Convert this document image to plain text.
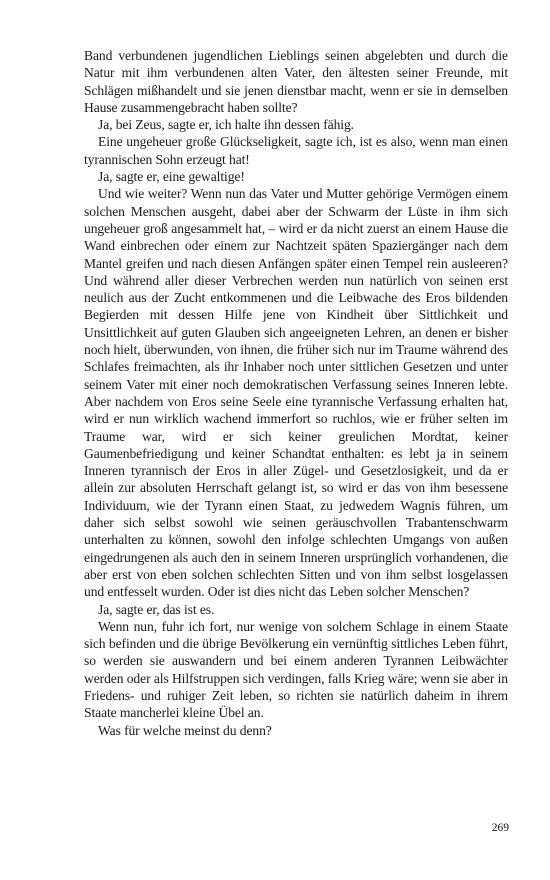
Band verbundenen jugendlichen Lieblings seinen abgelebten und durch die Natur mit ihm verbundenen alten Vater, den ältesten seiner Freunde, mit Schlägen mißhandelt und sie jenen dienstbar macht, wenn er sie in demselben Hause zusammengebracht haben sollte?

Ja, bei Zeus, sagte er, ich halte ihn dessen fähig.

Eine ungeheuer große Glückseligkeit, sagte ich, ist es also, wenn man einen tyrannischen Sohn erzeugt hat!

Ja, sagte er, eine gewaltige!

Und wie weiter? Wenn nun das Vater und Mutter gehörige Vermögen einem solchen Menschen ausgeht, dabei aber der Schwarm der Lüste in ihm sich ungeheuer groß angesammelt hat, – wird er da nicht zuerst an einem Hause die Wand einbrechen oder einem zur Nachtzeit späten Spaziergänger nach dem Mantel greifen und nach diesen Anfängen später einen Tempel rein ausleeren? Und während aller dieser Verbrechen werden nun natürlich von seinen erst neulich aus der Zucht entkommenen und die Leibwache des Eros bildenden Begierden mit dessen Hilfe jene von Kindheit über Sittlichkeit und Unsittlichkeit auf guten Glauben sich angeeigneten Lehren, an denen er bisher noch hielt, überwunden, von ihnen, die früher sich nur im Traume während des Schlafes freimachten, als ihr Inhaber noch unter sittlichen Gesetzen und unter seinem Vater mit einer noch demokratischen Verfassung seines Inneren lebte. Aber nachdem von Eros seine Seele eine tyrannische Verfassung erhalten hat, wird er nun wirklich wachend immerfort so ruchlos, wie er früher selten im Traume war, wird er sich keiner greulichen Mordtat, keiner Gaumenbefriedigung und keiner Schandtat enthalten: es lebt ja in seinem Inneren tyrannisch der Eros in aller Zügel- und Gesetzlosigkeit, und da er allein zur absoluten Herrschaft gelangt ist, so wird er das von ihm besessene Individuum, wie der Tyrann einen Staat, zu jedwedem Wagnis führen, um daher sich selbst sowohl wie seinen geräuschvollen Trabantenschwarm unterhalten zu können, sowohl den infolge schlechten Umgangs von außen eingedrungenen als auch den in seinem Inneren ursprünglich vorhandenen, die aber erst von eben solchen schlechten Sitten und von ihm selbst losgelassen und entfesselt wurden. Oder ist dies nicht das Leben solcher Menschen?

Ja, sagte er, das ist es.

Wenn nun, fuhr ich fort, nur wenige von solchem Schlage in einem Staate sich befinden und die übrige Bevölkerung ein vernünftig sittliches Leben führt, so werden sie auswandern und bei einem anderen Tyrannen Leibwächter werden oder als Hilfstruppen sich verdingen, falls Krieg wäre; wenn sie aber in Friedens- und ruhiger Zeit leben, so richten sie natürlich daheim in ihrem Staate mancherlei kleine Übel an.

Was für welche meinst du denn?

269
